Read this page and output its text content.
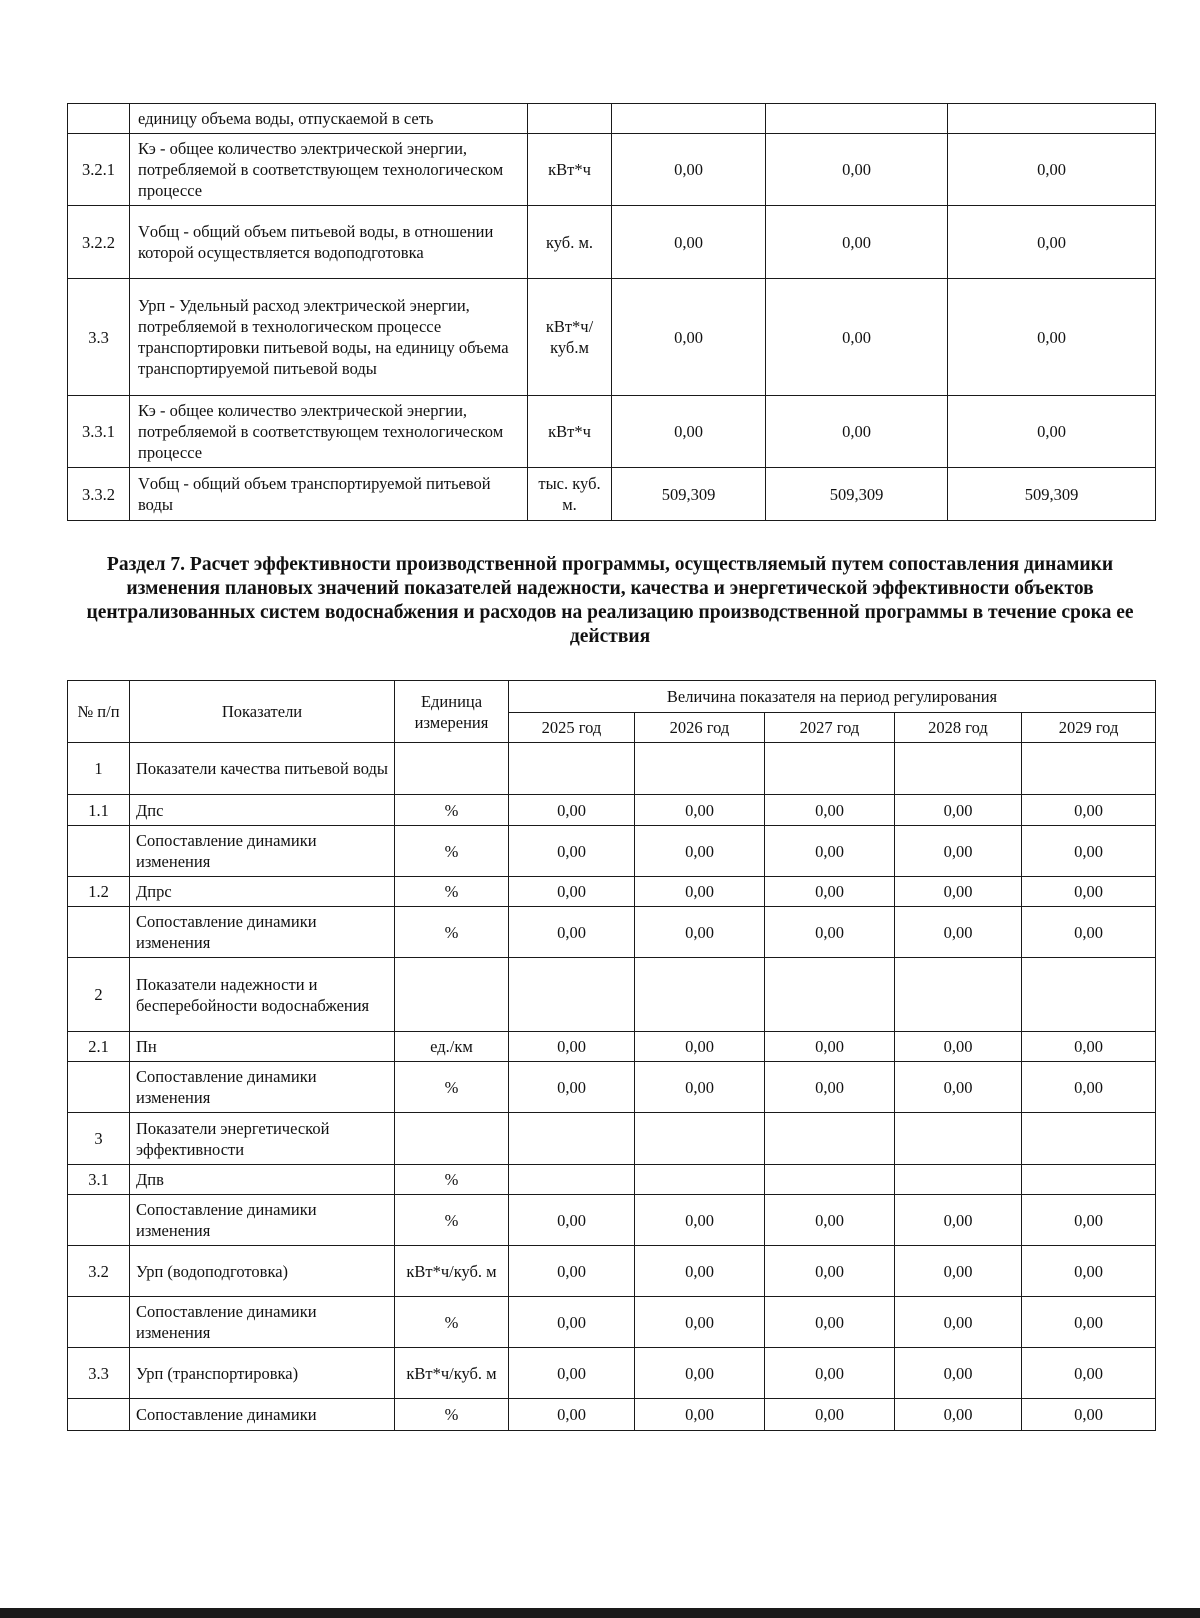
	единицу объема воды, отпускаемой в сеть				
3.2.1	Кэ - общее количество электрической энергии, потребляемой в соответствующем технологическом процессе	кВт*ч	0,00	0,00	0,00
3.2.2	Vобщ - общий объем питьевой воды, в отношении которой осуществляется водоподготовка	куб. м.	0,00	0,00	0,00
3.3	Урп - Удельный расход электрической энергии, потребляемой в технологическом процессе транспортировки питьевой воды, на единицу объема транспортируемой питьевой воды	кВт*ч/ куб.м	0,00	0,00	0,00
3.3.1	Кэ - общее количество электрической энергии, потребляемой в соответствующем технологическом процессе	кВт*ч	0,00	0,00	0,00
3.3.2	Vобщ - общий объем транспортируемой питьевой воды	тыс. куб. м.	509,309	509,309	509,309
Раздел 7. Расчет эффективности производственной программы, осуществляемый путем сопоставления динамики изменения плановых значений показателей надежности, качества и энергетической эффективности объектов централизованных систем водоснабжения и расходов на реализацию производственной программы в течение срока ее действия
№ п/п	Показатели	Единица измерения	Величина показателя на период регулирования				
			2025 год	2026 год	2027 год	2028 год	2029 год
1	Показатели качества питьевой воды						
1.1	Дпс	%	0,00	0,00	0,00	0,00	0,00
	Сопоставление динамики изменения	%	0,00	0,00	0,00	0,00	0,00
1.2	Дпрс	%	0,00	0,00	0,00	0,00	0,00
	Сопоставление динамики изменения	%	0,00	0,00	0,00	0,00	0,00
2	Показатели надежности и бесперебойности водоснабжения						
2.1	Пн	ед./км	0,00	0,00	0,00	0,00	0,00
	Сопоставление динамики изменения	%	0,00	0,00	0,00	0,00	0,00
3	Показатели энергетической эффективности						
3.1	Дпв	%					
	Сопоставление динамики изменения	%	0,00	0,00	0,00	0,00	0,00
3.2	Урп (водоподготовка)	кВт*ч/куб. м	0,00	0,00	0,00	0,00	0,00
	Сопоставление динамики изменения	%	0,00	0,00	0,00	0,00	0,00
3.3	Урп (транспортировка)	кВт*ч/куб. м	0,00	0,00	0,00	0,00	0,00
	Сопоставление динамики	%	0,00	0,00	0,00	0,00	0,00
